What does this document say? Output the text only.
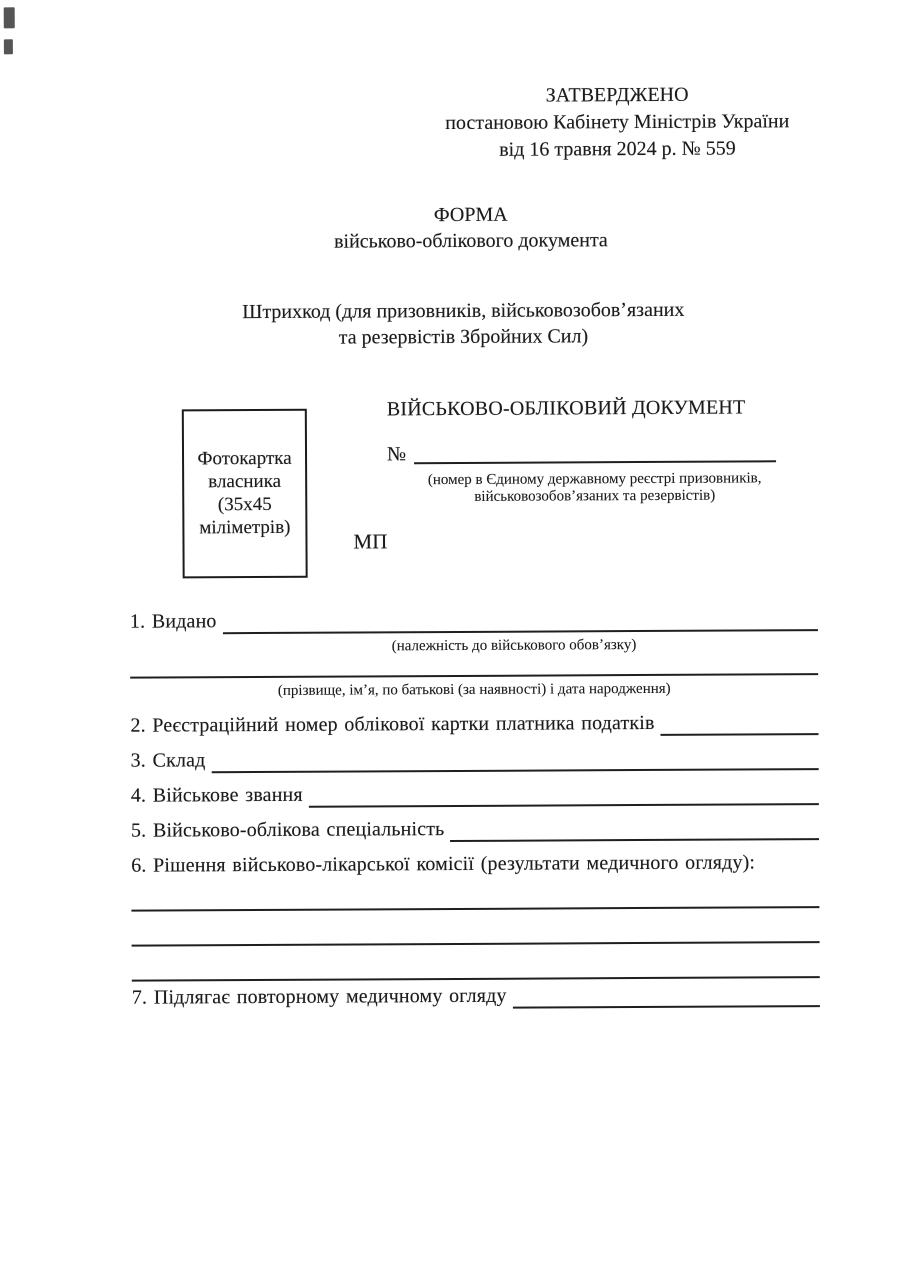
ЗАТВЕРДЖЕНО
постановою Кабінету Міністрів України
від 16 травня 2024 р. № 559
ФОРМА
військово-облікового документа
Штрихкод (для призовників, військовозобов’язаних
та резервістів Збройних Сил)
Фотокартка
власника
(35x45
міліметрів)
ВІЙСЬКОВО-ОБЛІКОВИЙ ДОКУМЕНТ
№
(номер в Єдиному державному реєстрі призовників,
військовозобов’язаних та резервістів)
МП
1. Видано
(належність до військового обов’язку)
(прізвище, ім’я, по батькові (за наявності) і дата народження)
2. Реєстраційний номер облікової картки платника податків
3. Склад
4. Військове звання
5. Військово-облікова спеціальність
6. Рішення військово-лікарської комісії (результати медичного огляду):
7. Підлягає повторному медичному огляду
